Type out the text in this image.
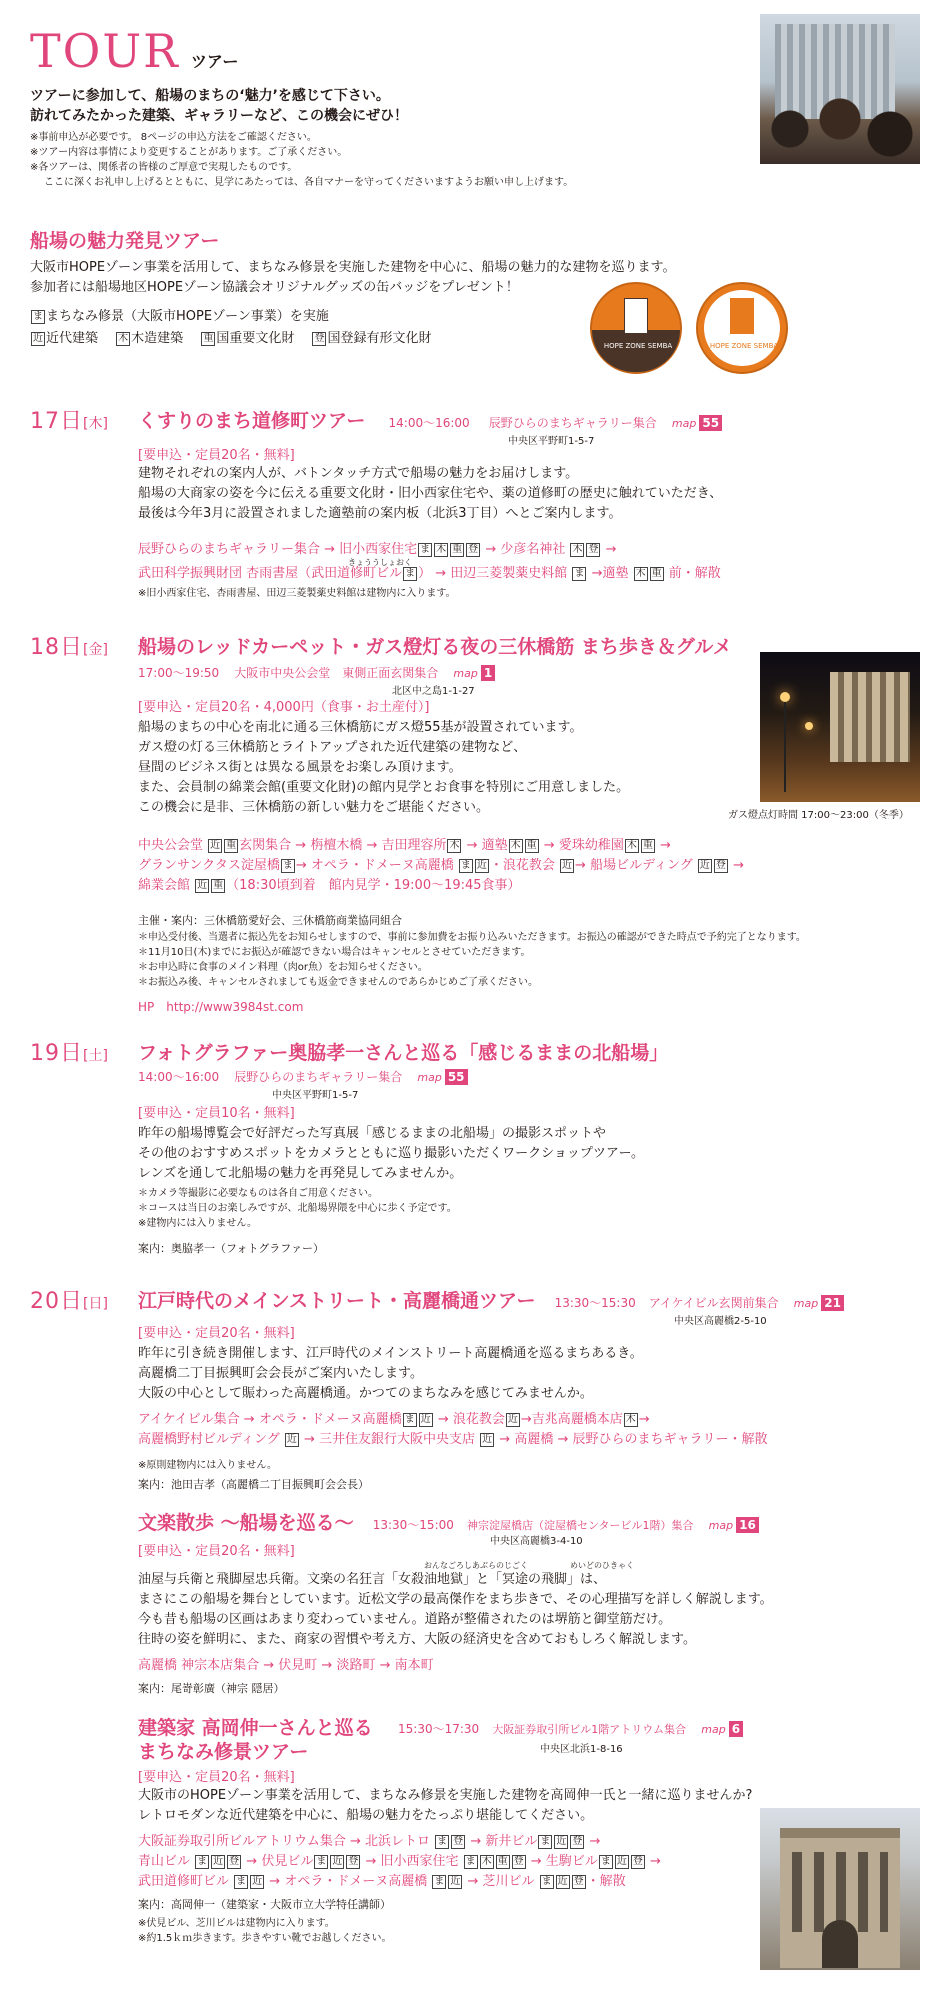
TOUR ツアー
ツアーに参加して、船場のまちの‘魅力’を感じて下さい。
訪れてみたかった建築、ギャラリーなど、この機会にぜひ！
※事前申込が必要です。 8ページの申込方法をご確認ください。
※ツアー内容は事情により変更することがあります。ご了承ください。
※各ツアーは、関係者の皆様のご厚意で実現したものです。
ここに深くお礼申し上げるとともに、見学にあたっては、各自マナーを守ってくださいますようお願い申し上げます。
船場の魅力発見ツアー
大阪市HOPEゾーン事業を活用して、まちなみ修景を実施した建物を中心に、船場の魅力的な建物を巡ります。
参加者には船場地区HOPEゾーン協議会オリジナルグッズの缶バッジをプレゼント！
ま まちなみ修景（大阪市HOPEゾーン事業）を実施
近 近代建築 木 木造建築 重 国重要文化財 登 国登録有形文化財	HOPE ZONE SEMBA	HOPE ZONE SEMBA
17日[木] くすりのまち道修町ツアー 14:00〜16:00 辰野ひらのまちギャラリー集合 map 55
中央区平野町1-5-7
[要申込・定員20名・無料]
建物それぞれの案内人が、バトンタッチ方式で船場の魅力をお届けします。
船場の大商家の姿を今に伝える重要文化財・旧小西家住宅や、薬の道修町の歴史に触れていただき、
最後は今年3月に設置されました適塾前の案内板（北浜3丁目）へとご案内します。
辰野ひらのまちギャラリー集合 → 旧小西家住宅 ま 木 重 登 → 少彦名神社 木 登 →
きょううしょおく
武田科学振興財団 杏雨書屋（武田道修町ビル ま ） → 田辺三菱製薬史料館 ま →適塾 木 重 前・解散
※旧小西家住宅、杏雨書屋、田辺三菱製薬史料館は建物内に入ります。
18日[金] 船場のレッドカーペット・ガス燈灯る夜の三休橋筋 まち歩き＆グルメ
17:00〜19:50 大阪市中央公会堂　東側正面玄関集合 map 1
北区中之島1-1-27
[要申込・定員20名・4,000円（食事・お土産付）]
船場のまちの中心を南北に通る三休橋筋にガス燈55基が設置されています。
ガス燈の灯る三休橋筋とライトアップされた近代建築の建物など、
昼間のビジネス街とは異なる風景をお楽しみ頂けます。
また、会員制の綿業会館(重要文化財)の館内見学とお食事を特別にご用意しました。
この機会に是非、三休橋筋の新しい魅力をご堪能ください。
ガス燈点灯時間 17:00〜23:00（冬季）
中央公会堂 近 重 玄関集合 → 栴檀木橋 → 吉田理容所 木 → 適塾 木 重 → 愛珠幼稚園 木 重 →
グランサンクタス淀屋橋 ま → オペラ・ドメーヌ高麗橋 ま 近 ・浪花教会 近 → 船場ビルディング 近 登 →
綿業会館 近 重 （18:30頃到着　館内見学・19:00〜19:45食事）
主催・案内：三休橋筋愛好会、三休橋筋商業協同組合
＊申込受付後、当選者に振込先をお知らせしますので、事前に参加費をお振り込みいただきます。お振込の確認ができた時点で予約完了となります。
＊11月10日(木)までにお振込が確認できない場合はキャンセルとさせていただきます。
＊お申込時に食事のメイン料理（肉or魚）をお知らせください。
＊お振込み後、キャンセルされましても返金できませんのであらかじめご了承ください。
HP　http://www3984st.com
19日[土] フォトグラファー奥脇孝一さんと巡る「感じるままの北船場」
14:00〜16:00 辰野ひらのまちギャラリー集合 map 55
中央区平野町1-5-7
[要申込・定員10名・無料]
昨年の船場博覧会で好評だった写真展「感じるままの北船場」の撮影スポットや
その他のおすすめスポットをカメラとともに巡り撮影いただくワークショップツアー。
レンズを通して北船場の魅力を再発見してみませんか。
＊カメラ等撮影に必要なものは各自ご用意ください。
＊コースは当日のお楽しみですが、北船場界隈を中心に歩く予定です。
※建物内には入りません。
案内：奥脇孝一（フォトグラファー）
20日[日] 江戸時代のメインストリート・高麗橋通ツアー 13:30〜15:30 アイケイビル玄関前集合 map 21
中央区高麗橋2-5-10
[要申込・定員20名・無料]
昨年に引き続き開催します、江戸時代のメインストリート高麗橋通を巡るまちあるき。
高麗橋二丁目振興町会会長がご案内いたします。
大阪の中心として賑わった高麗橋通。かつてのまちなみを感じてみませんか。
アイケイビル集合 → オペラ・ドメーヌ高麗橋 ま 近 → 浪花教会 近 →吉兆高麗橋本店 木 →
高麗橋野村ビルディング 近 → 三井住友銀行大阪中央支店 近 → 高麗橋 → 辰野ひらのまちギャラリー・解散
※原則建物内には入りません。
案内：池田吉孝（高麗橋二丁目振興町会会長）
文楽散歩 〜船場を巡る〜 13:30〜15:00 神宗淀屋橋店（淀屋橋センタービル1階）集合 map 16
中央区高麗橋3-4-10
[要申込・定員20名・無料]
おんなごろしあぶらのじごく	めいどのひきゃく
油屋与兵衛と飛脚屋忠兵衛。文楽の名狂言「女殺油地獄」と「冥途の飛脚」は、
まさにこの船場を舞台としています。近松文学の最高傑作をまち歩きで、その心理描写を詳しく解説します。
今も昔も船場の区画はあまり変わっていません。道路が整備されたのは堺筋と御堂筋だけ。
往時の姿を鮮明に、また、商家の習慣や考え方、大阪の経済史を含めておもしろく解説します。
高麗橋 神宗本店集合 → 伏見町 → 淡路町 → 南本町
案内：尾嵜彰廣（神宗 隠居）
建築家 高岡伸一さんと巡る
まちなみ修景ツアー
15:30〜17:30 大阪証券取引所ビル1階アトリウム集合 map 6
中央区北浜1-8-16
[要申込・定員20名・無料]
大阪市のHOPEゾーン事業を活用して、まちなみ修景を実施した建物を高岡伸一氏と一緒に巡りませんか?
レトロモダンな近代建築を中心に、船場の魅力をたっぷり堪能してください。
大阪証券取引所ビルアトリウム集合 → 北浜レトロ ま 登 → 新井ビル ま 近 登 →
青山ビル ま 近 登 → 伏見ビル ま 近 登 → 旧小西家住宅 ま 木 重 登 → 生駒ビル ま 近 登 →
武田道修町ビル ま 近 → オペラ・ドメーヌ高麗橋 ま 近 → 芝川ビル ま 近 登 ・解散
案内：高岡伸一（建築家・大阪市立大学特任講師）
※伏見ビル、芝川ビルは建物内に入ります。
※約1.5ｋｍ歩きます。歩きやすい靴でお越しください。
